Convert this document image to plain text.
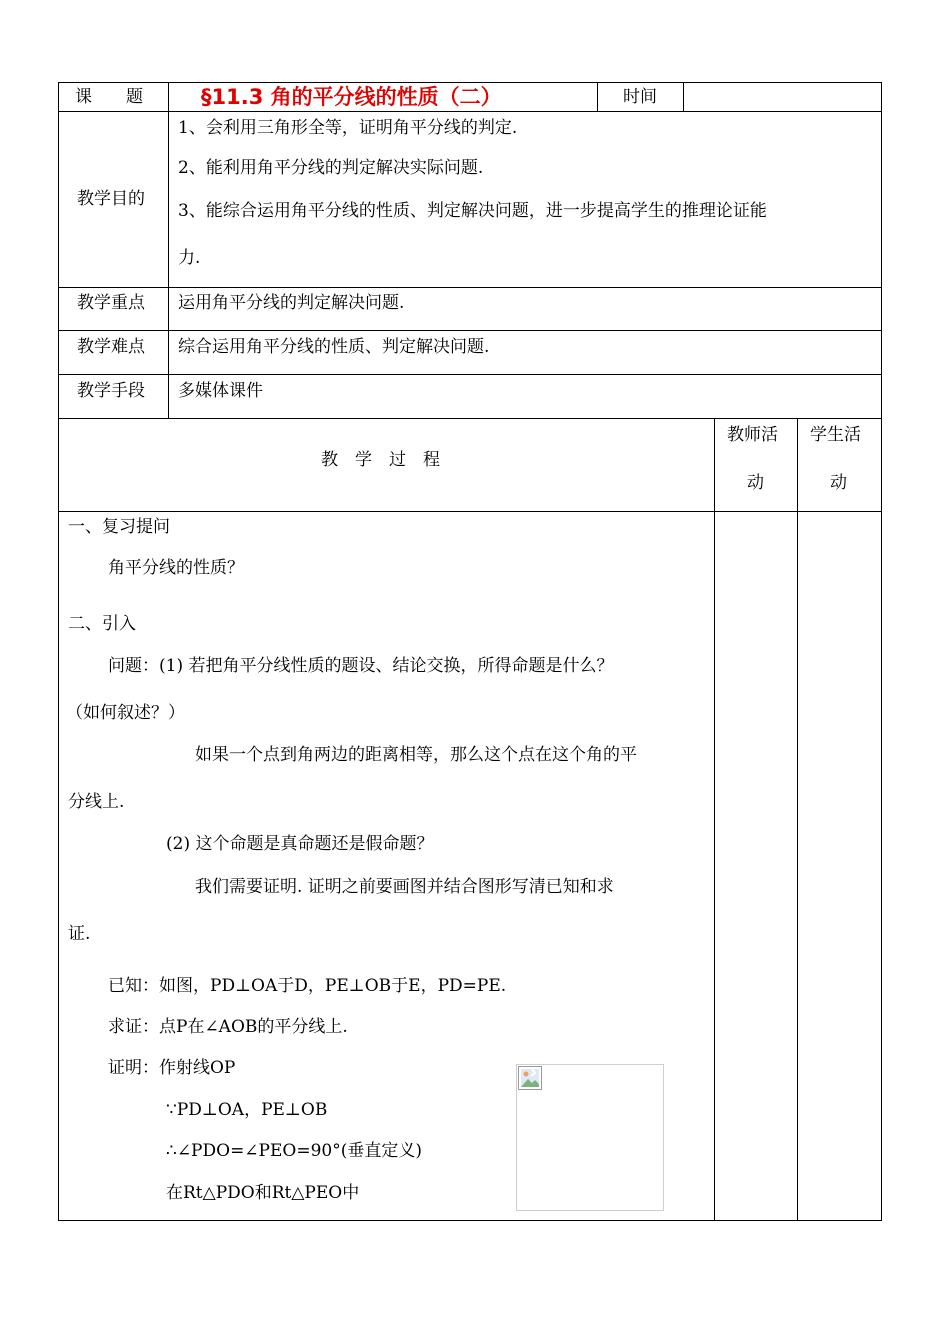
课　　题	§11.3 角的平分线的性质（二）	时间
教学目的
1、会利用三角形全等，证明角平分线的判定.
2、能利用角平分线的判定解决实际问题.
3、能综合运用角平分线的性质、判定解决问题，进一步提高学生的推理论证能
力.
教学重点 运用角平分线的判定解决问题.
教学难点 综合运用角平分线的性质、判定解决问题.
教学手段 多媒体课件
教　学　过　程
教师活
动
学生活
动
一、复习提问
角平分线的性质？
二、引入
问题：(1) 若把角平分线性质的题设、结论交换，所得命题是什么？
（如何叙述？）
如果一个点到角两边的距离相等，那么这个点在这个角的平
分线上.
(2) 这个命题是真命题还是假命题？
我们需要证明. 证明之前要画图并结合图形写清已知和求
证.
已知：如图，PD⊥OA于D，PE⊥OB于E，PD=PE.
求证：点P在∠AOB的平分线上.
证明：作射线OP
∵PD⊥OA，PE⊥OB
∴∠PDO=∠PEO=90°(垂直定义)
在Rt△PDO和Rt△PEO中
